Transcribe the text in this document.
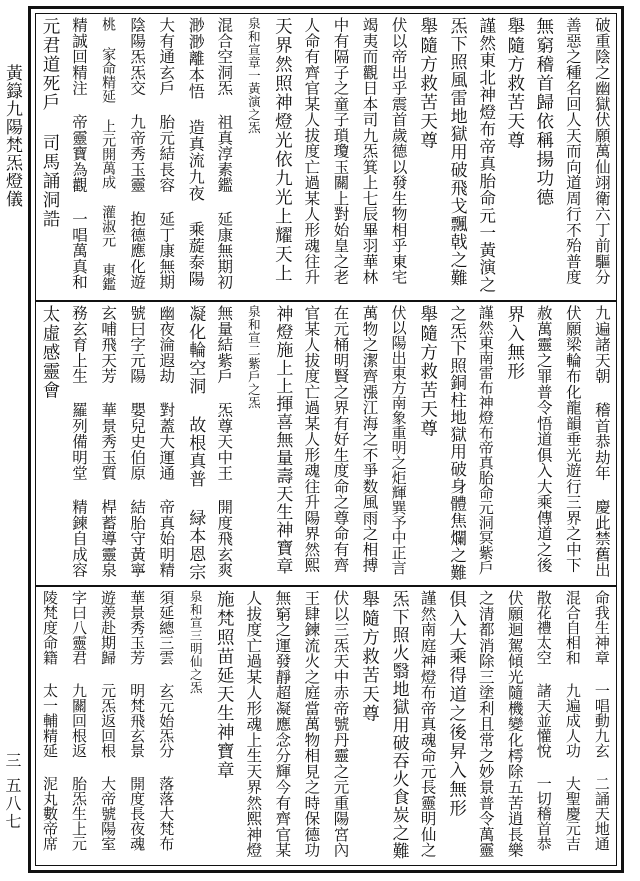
黃籙九陽梵炁燈儀
三 五八七
破重陰之幽獄伏願萬仙翊衛六丁前驅分
善惡之種名回人天而向道周行不殆普度
無窮稽首歸依稱揚功德
舉隨方救苦天尊
謹然東北神燈布帝真胎命元一黃演之
炁下照風雷地獄用破飛戈飄戟之難
舉隨方救苦天尊
伏以帝出乎震首歲德以發生物相乎東宅
竭夷而觀日本司九炁箕上七辰畢羽華林
中有隔子之童子瑣瓊玉關上對始皇之老
人命有齊官某人拔度亡過某人形魂往升
天界然照神燈光依九光上耀天上
泉和宣章一黃演之炁
混合空洞炁 祖真淳素鑑 延康無期初
渺渺離本悟 造真流九夜 乘蔙泰陽
大有通玄戶 胎元結長容 延丁康無期
陰陽炁炁交 九帝秀玉靈 抱德應化遊
桃 家命精延 上元開萬成 灌淑元 東鑑
精誠回精注 帝靈寶為觀 一唱萬真和
元君道死戶 司馬誦洞誥
九遍諸天朝 稽首恭劫年 慶此禁舊出
伏願梁輪布化龍韻垂光遊行三界之中下
赦萬靈之罪普令悟道俱入大乘傳道之後
界入無形
謹然東南雷布神燈布帝真胎命元洞冥紫戶
之炁下照銅柱地獄用破身體焦爛之難
舉隨方救苦天尊
伏以陽出東方南象重明之炬輝巽予中正言
萬物之潔齊漲江海之不爭数風雨之相搏
在元桶明賢之界有好生度命之尊命有齊
官某人拔度亡過某人形魂往升陽界然熙
神燈施上上揮喜無量壽天生神寶章
泉和宣二紫戶之炁
無量結紫戶 炁尊天中王 開度飛玄爽
凝化輪空洞 故根真普 緑本恩宗
幽夜淪遐劫 對蓋大運通 帝真始明精
號曰字元陽 嬰兒史伯原 結胎守黃寧
玄哺飛天芳 華景秀玉質 桿蓄導靈泉
務玄育上生 羅列備明堂 精鍊自成容
太虛感靈會
命我生神章 一唱動九玄 二誦天地通
混合自相和 九遍成人功 大聖慶元吉
散花禮太空 諸天並懽悅 一切稽首恭
伏願迴駕傾光隨機變化樗除五苦逍長樂
之清都消除三塗利且常之妙景普令萬靈
俱入大乘得道之後昇入無形
謹然南庭神燈布帝真魂命元長靈明仙之
炁下照火翳地獄用破吞火食炭之難
舉隨方救苦天尊
伏以三炁天中赤帝號丹靈之元重陽宮內
王肆鍊流火之庭當萬物相見之時保德功
無窮之運發靜超凝應念分輝今有齊官某
人拔度亡過某人形魂上生天界然熙神燈
施梵照苗延天生神寶章
泉和宣三明仙之炁
須延總三雲 玄元始炁分 落落大梵布
華景秀玉芳 明梵飛玄景 開度長夜魂
遊羨赴期歸 元炁返回根 大帝號陽室
字曰八靈君 九關回根返 胎炁生上元
陵梵度命籍 太一輔精延 泥丸數帝席
